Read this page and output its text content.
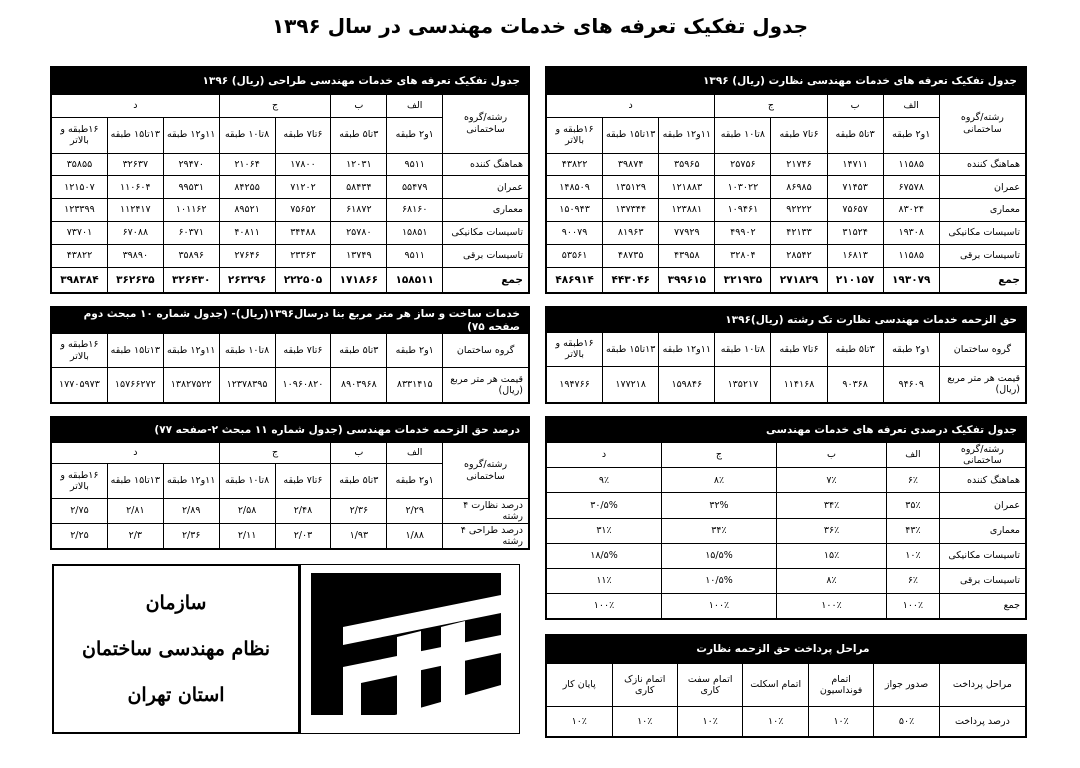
جدول تفکیک تعرفه های خدمات مهندسی در سال ۱۳۹۶
جدول تفکیک تعرفه های خدمات مهندسی نظارت (ریال) ۱۳۹۶							
رشته/گروه ساختمانی	الف	ب	ج		د		
	۱و۲ طبقه	۳تا۵ طبقه	۶تا۷ طبقه	۸تا۱۰ طبقه	۱۱و۱۲ طبقه	۱۳تا۱۵ طبقه	۱۶طبقه و بالاتر
هماهنگ کننده	۱۱۵۸۵	۱۴۷۱۱	۲۱۷۴۶	۲۵۷۵۶	۳۵۹۶۵	۳۹۸۷۴	۴۳۸۲۲
عمران	۶۷۵۷۸	۷۱۴۵۳	۸۶۹۸۵	۱۰۳۰۲۲	۱۲۱۸۸۳	۱۳۵۱۲۹	۱۴۸۵۰۹
معماری	۸۳۰۲۴	۷۵۶۵۷	۹۲۲۲۲	۱۰۹۴۶۱	۱۲۳۸۸۱	۱۳۷۳۴۴	۱۵۰۹۴۳
تاسیسات مکانیکی	۱۹۳۰۸	۳۱۵۲۴	۴۲۱۳۳	۴۹۹۰۲	۷۷۹۲۹	۸۱۹۶۳	۹۰۰۷۹
تاسیسات برقی	۱۱۵۸۵	۱۶۸۱۳	۲۸۵۴۲	۳۲۸۰۴	۴۳۹۵۸	۴۸۷۳۵	۵۳۵۶۱
جمع	۱۹۳۰۷۹	۲۱۰۱۵۷	۲۷۱۸۲۹	۳۲۱۹۳۵	۳۹۹۶۱۵	۴۴۳۰۴۶	۴۸۶۹۱۴
جدول تفکیک تعرفه های خدمات مهندسی طراحی (ریال) ۱۳۹۶							
رشته/گروه ساختمانی	الف	ب	ج		د		
	۱و۲ طبقه	۳تا۵ طبقه	۶تا۷ طبقه	۸تا۱۰ طبقه	۱۱و۱۲ طبقه	۱۳تا۱۵ طبقه	۱۶طبقه و بالاتر
هماهنگ کننده	۹۵۱۱	۱۲۰۳۱	۱۷۸۰۰	۲۱۰۶۴	۲۹۴۷۰	۳۲۶۳۷	۳۵۸۵۵
عمران	۵۵۴۷۹	۵۸۴۳۴	۷۱۲۰۲	۸۴۲۵۵	۹۹۵۳۱	۱۱۰۶۰۴	۱۲۱۵۰۷
معماری	۶۸۱۶۰	۶۱۸۷۲	۷۵۶۵۲	۸۹۵۲۱	۱۰۱۱۶۲	۱۱۲۴۱۷	۱۲۳۳۹۹
تاسیسات مکانیکی	۱۵۸۵۱	۲۵۷۸۰	۳۴۴۸۸	۴۰۸۱۱	۶۰۳۷۱	۶۷۰۸۸	۷۳۷۰۱
تاسیسات برقی	۹۵۱۱	۱۳۷۴۹	۲۳۳۶۳	۲۷۶۴۶	۳۵۸۹۶	۳۹۸۹۰	۴۳۸۲۲
جمع	۱۵۸۵۱۱	۱۷۱۸۶۶	۲۲۲۵۰۵	۲۶۳۲۹۶	۳۲۶۴۳۰	۳۶۲۶۳۵	۳۹۸۳۸۴
حق الزحمه خدمات مهندسی نظارت تک رشته (ریال)۱۳۹۶							
گروه ساختمان	۱و۲ طبقه	۳تا۵ طبقه	۶تا۷ طبقه	۸تا۱۰ طبقه	۱۱و۱۲ طبقه	۱۳تا۱۵ طبقه	۱۶طبقه و بالاتر
قیمت هر متر مربع (ریال)	۹۴۶۰۹	۹۰۳۶۸	۱۱۴۱۶۸	۱۳۵۲۱۷	۱۵۹۸۴۶	۱۷۷۲۱۸	۱۹۴۷۶۶
خدمات ساخت و ساز هر متر مربع بنا درسال۱۳۹۶(ریال)- (جدول شماره ۱۰ مبحث دوم صفحه ۷۵)							
گروه ساختمان	۱و۲ طبقه	۳تا۵ طبقه	۶تا۷ طبقه	۸تا۱۰ طبقه	۱۱و۱۲ طبقه	۱۳تا۱۵ طبقه	۱۶طبقه و بالاتر
قیمت هر متر مربع (ریال)	۸۳۳۱۴۱۵	۸۹۰۳۹۶۸	۱۰۹۶۰۸۲۰	۱۲۳۷۸۳۹۵	۱۳۸۲۷۵۲۲	۱۵۷۶۶۲۷۲	۱۷۷۰۵۹۷۳
جدول تفکیک درصدی تعرفه های خدمات مهندسی				
رشته/گروه ساختمانی	الف	ب	ج	د
هماهنگ کننده	۶٪	۷٪	۸٪	۹٪
عمران	۳۵٪	۳۴٪	۳۲%	۳۰/۵%
معماری	۴۳٪	۳۶٪	۳۴٪	۳۱٪
تاسیسات مکانیکی	۱۰٪	۱۵٪	۱۵/۵%	۱۸/۵%
تاسیسات برقی	۶٪	۸٪	۱۰/۵%	۱۱٪
جمع	۱۰۰٪	۱۰۰٪	۱۰۰٪	۱۰۰٪
درصد حق الزحمه خدمات مهندسی (جدول شماره ۱۱ مبحث ۲-صفحه ۷۷)							
رشته/گروه ساختمانی	الف	ب	ج		د		
	۱و۲ طبقه	۳تا۵ طبقه	۶تا۷ طبقه	۸تا۱۰ طبقه	۱۱و۱۲ طبقه	۱۳تا۱۵ طبقه	۱۶طبقه و بالاتر
درصد نظارت ۴ رشته	۲/۲۹	۲/۳۶	۲/۴۸	۲/۵۸	۲/۸۹	۲/۸۱	۲/۷۵
درصد طراحی ۴ رشته	۱/۸۸	۱/۹۳	۲/۰۳	۲/۱۱	۲/۳۶	۲/۳	۲/۲۵
مراحل پرداخت حق الزحمه نظارت						
مراحل پرداخت	صدور جواز	اتمام فونداسیون	اتمام اسکلت	اتمام سفت کاری	اتمام نازک کاری	پایان کار
درصد پرداخت	۵۰٪	۱۰٪	۱۰٪	۱۰٪	۱۰٪	۱۰٪
سازمان
نظام مهندسی ساختمان
استان تهران
